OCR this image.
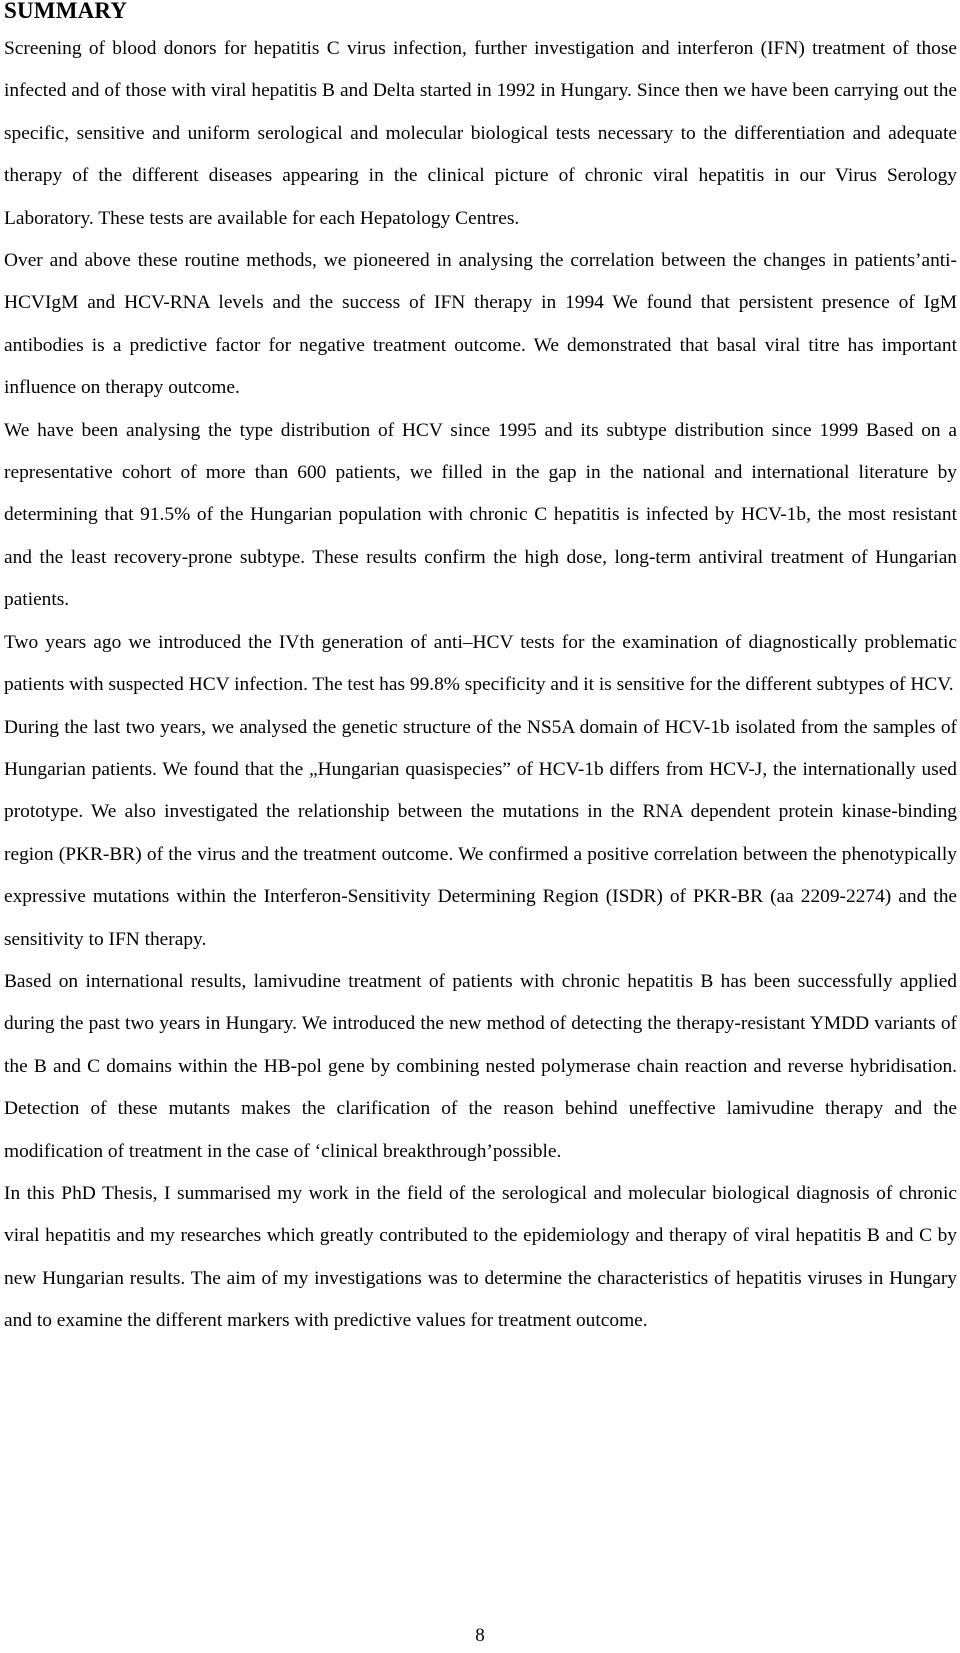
SUMMARY

Screening of blood donors for hepatitis C virus infection, further investigation and interferon (IFN) treatment of those infected and of those with viral hepatitis B and Delta started in 1992 in Hungary. Since then we have been carrying out the specific, sensitive and uniform serological and molecular biological tests necessary to the differentiation and adequate therapy of the different diseases appearing in the clinical picture of chronic viral hepatitis in our Virus Serology Laboratory. These tests are available for each Hepatology Centres.

Over and above these routine methods, we pioneered in analysing the correlation between the changes in patients’anti-HCVIgM and HCV-RNA levels and the success of IFN therapy in 1994 We found that persistent presence of IgM antibodies is a predictive factor for negative treatment outcome. We demonstrated that basal viral titre has important influence on therapy outcome.

We have been analysing the type distribution of HCV since 1995 and its subtype distribution since 1999 Based on a representative cohort of more than 600 patients, we filled in the gap in the national and international literature by determining that 91.5% of the Hungarian population with chronic C hepatitis is infected by HCV-1b, the most resistant and the least recovery-prone subtype. These results confirm the high dose, long-term antiviral treatment of Hungarian patients.

Two years ago we introduced the IVth generation of anti–HCV tests for the examination of diagnostically problematic patients with suspected HCV infection. The test has 99.8% specificity and it is sensitive for the different subtypes of HCV.

During the last two years, we analysed the genetic structure of the NS5A domain of HCV-1b isolated from the samples of Hungarian patients. We found that the „Hungarian quasispecies” of HCV-1b differs from HCV-J, the internationally used prototype. We also investigated the relationship between the mutations in the RNA dependent protein kinase-binding region (PKR-BR) of the virus and the treatment outcome. We confirmed a positive correlation between the phenotypically expressive mutations within the Interferon-Sensitivity Determining Region (ISDR) of PKR-BR (aa 2209-2274) and the sensitivity to IFN therapy.

Based on international results, lamivudine treatment of patients with chronic hepatitis B has been successfully applied during the past two years in Hungary. We introduced the new method of detecting the therapy-resistant YMDD variants of the B and C domains within the HB-pol gene by combining nested polymerase chain reaction and reverse hybridisation. Detection of these mutants makes the clarification of the reason behind uneffective lamivudine therapy and the modification of treatment in the case of ‘clinical breakthrough’possible.

In this PhD Thesis, I summarised my work in the field of the serological and molecular biological diagnosis of chronic viral hepatitis and my researches which greatly contributed to the epidemiology and therapy of viral hepatitis B and C by new Hungarian results. The aim of my investigations was to determine the characteristics of hepatitis viruses in Hungary and to examine the different markers with predictive values for treatment outcome.

8
